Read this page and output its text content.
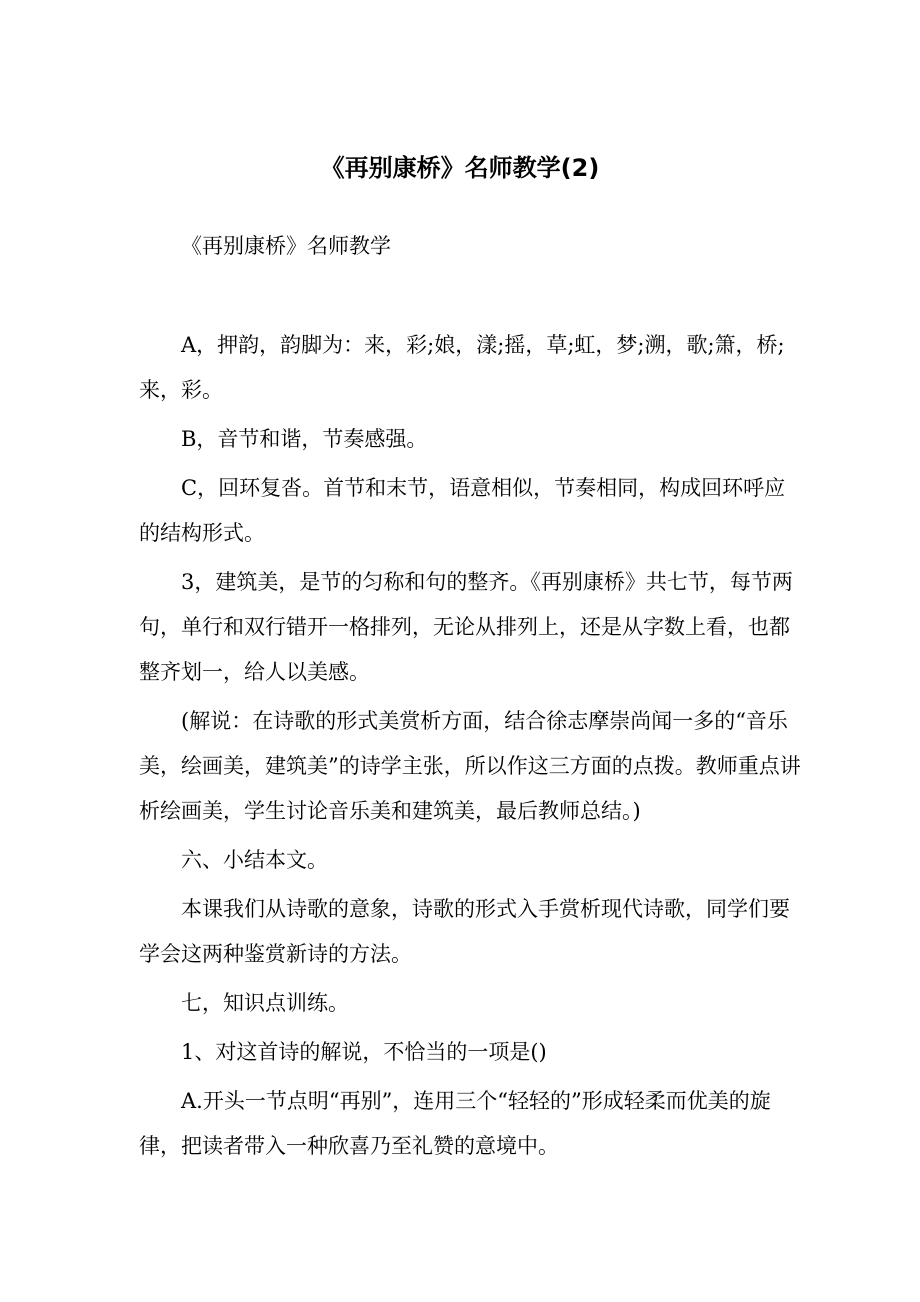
《再别康桥》名师教学(2)

《再别康桥》名师教学

A，押韵，韵脚为：来，彩;娘，漾;摇，草;虹，梦;溯，歌;箫，桥;来，彩。

B，音节和谐，节奏感强。

C，回环复沓。首节和末节，语意相似，节奏相同，构成回环呼应的结构形式。

3，建筑美，是节的匀称和句的整齐。《再别康桥》共七节，每节两句，单行和双行错开一格排列，无论从排列上，还是从字数上看，也都整齐划一，给人以美感。

(解说：在诗歌的形式美赏析方面，结合徐志摩崇尚闻一多的“音乐美，绘画美，建筑美”的诗学主张，所以作这三方面的点拨。教师重点讲析绘画美，学生讨论音乐美和建筑美，最后教师总结。)

六、小结本文。

本课我们从诗歌的意象，诗歌的形式入手赏析现代诗歌，同学们要学会这两种鉴赏新诗的方法。

七，知识点训练。

1、对这首诗的解说，不恰当的一项是()

A.开头一节点明“再别”，连用三个“轻轻的”形成轻柔而优美的旋律，把读者带入一种欣喜乃至礼赞的意境中。
